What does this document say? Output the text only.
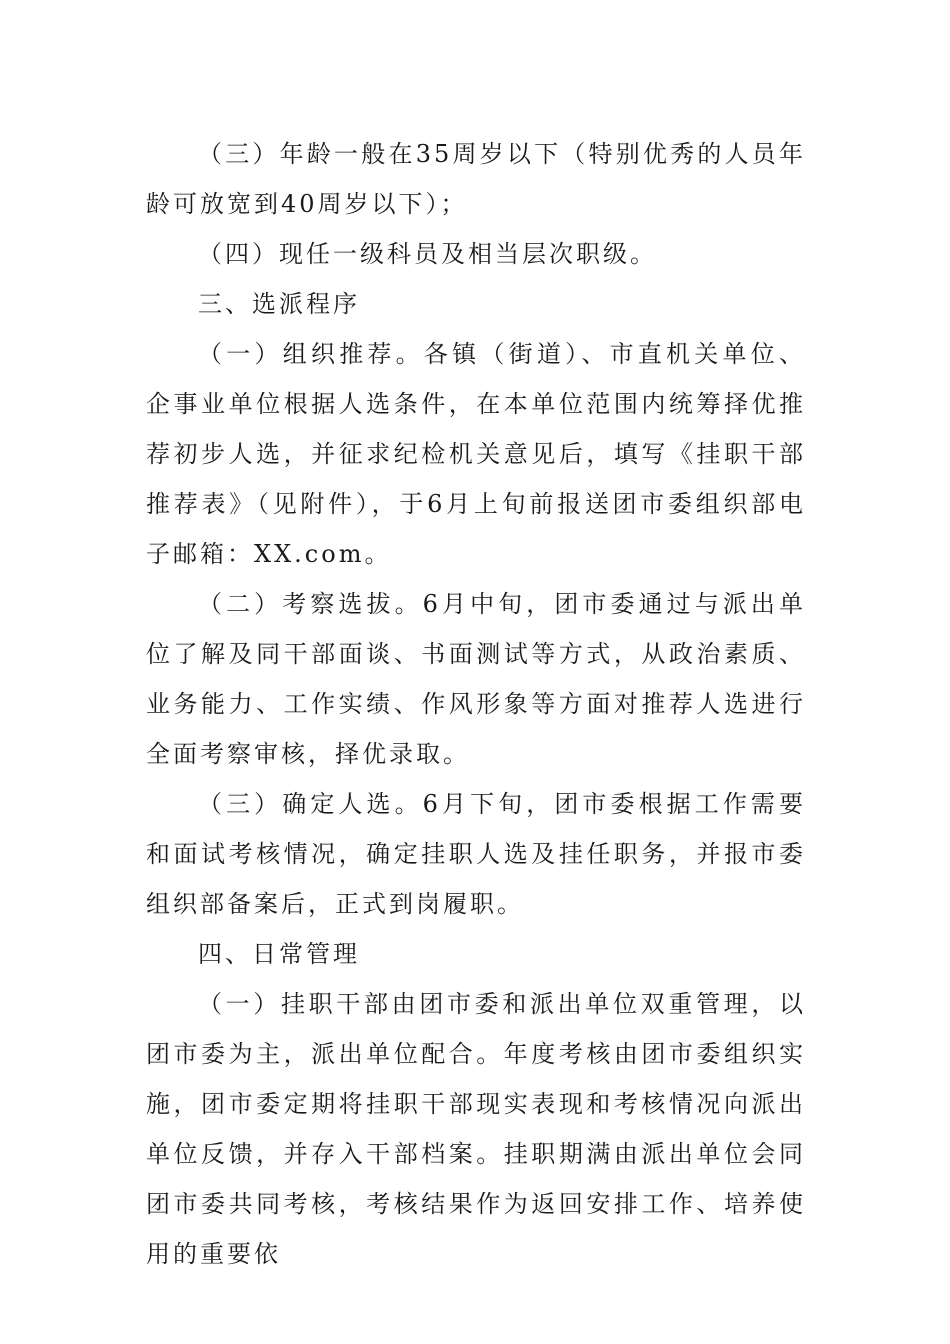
（三）年龄一般在35周岁以下（特别优秀的人员年龄可放宽到40周岁以下）；

（四）现任一级科员及相当层次职级。

三、选派程序

（一）组织推荐。各镇（街道）、市直机关单位、企事业单位根据人选条件，在本单位范围内统筹择优推荐初步人选，并征求纪检机关意见后，填写《挂职干部推荐表》（见附件），于6月上旬前报送团市委组织部电子邮箱：XX.com。

（二）考察选拔。6月中旬，团市委通过与派出单位了解及同干部面谈、书面测试等方式，从政治素质、业务能力、工作实绩、作风形象等方面对推荐人选进行全面考察审核，择优录取。

（三）确定人选。6月下旬，团市委根据工作需要和面试考核情况，确定挂职人选及挂任职务，并报市委组织部备案后，正式到岗履职。

四、日常管理

（一）挂职干部由团市委和派出单位双重管理，以团市委为主，派出单位配合。年度考核由团市委组织实施，团市委定期将挂职干部现实表现和考核情况向派出单位反馈，并存入干部档案。挂职期满由派出单位会同团市委共同考核，考核结果作为返回安排工作、培养使用的重要依
